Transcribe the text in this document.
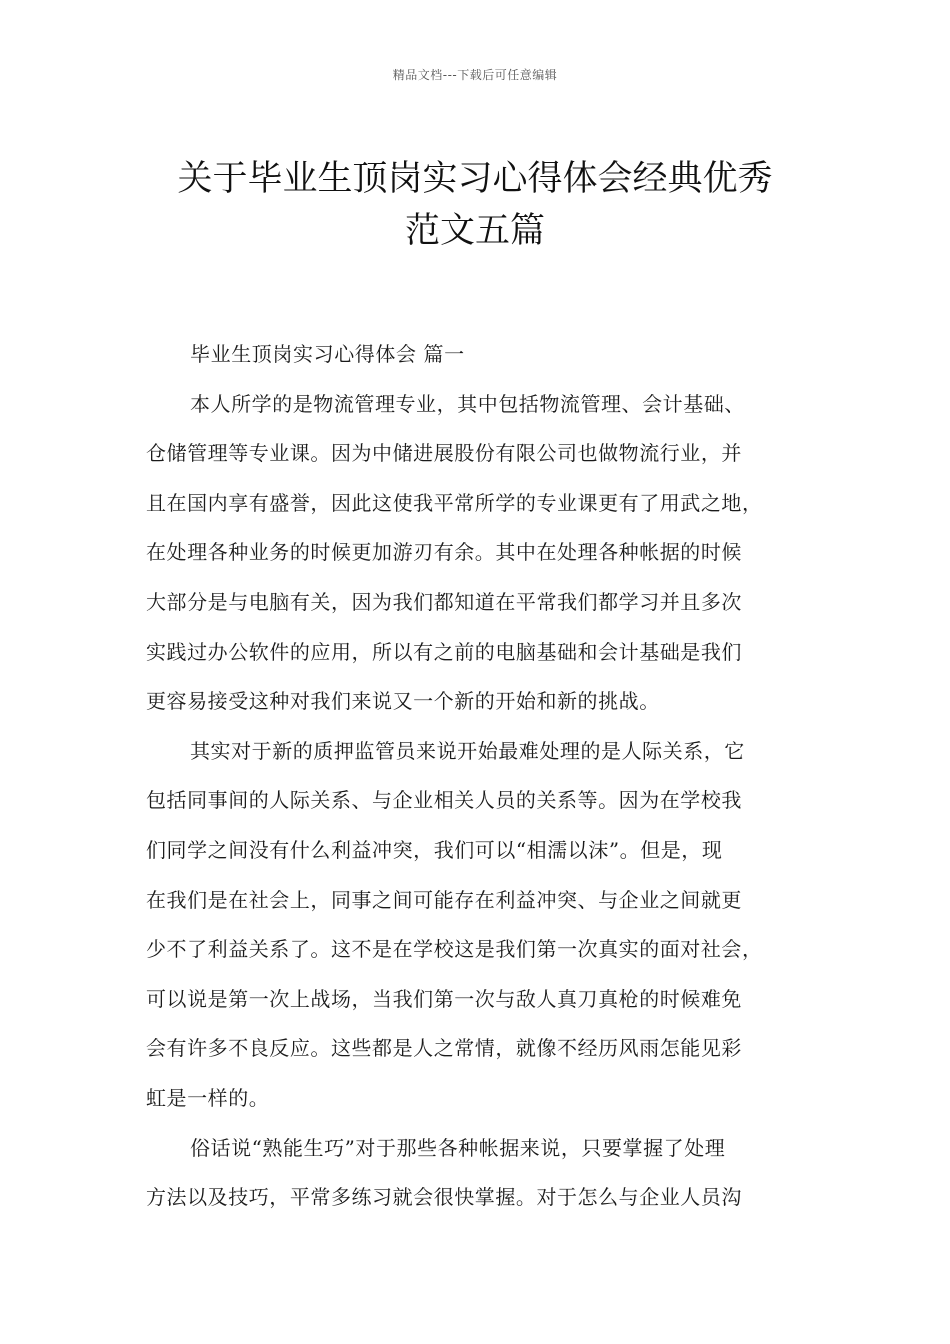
精品文档---下载后可任意编辑
关于毕业生顶岗实习心得体会经典优秀
范文五篇

毕业生顶岗实习心得体会 篇一

本人所学的是物流管理专业，其中包括物流管理、会计基础、
仓储管理等专业课。因为中储进展股份有限公司也做物流行业，并
且在国内享有盛誉，因此这使我平常所学的专业课更有了用武之地，
在处理各种业务的时候更加游刃有余。其中在处理各种帐据的时候
大部分是与电脑有关，因为我们都知道在平常我们都学习并且多次
实践过办公软件的应用，所以有之前的电脑基础和会计基础是我们
更容易接受这种对我们来说又一个新的开始和新的挑战。

其实对于新的质押监管员来说开始最难处理的是人际关系，它
包括同事间的人际关系、与企业相关人员的关系等。因为在学校我
们同学之间没有什么利益冲突，我们可以“相濡以沫”。但是，现
在我们是在社会上，同事之间可能存在利益冲突、与企业之间就更
少不了利益关系了。这不是在学校这是我们第一次真实的面对社会，
可以说是第一次上战场，当我们第一次与敌人真刀真枪的时候难免
会有许多不良反应。这些都是人之常情，就像不经历风雨怎能见彩
虹是一样的。

俗话说“熟能生巧”对于那些各种帐据来说，只要掌握了处理
方法以及技巧，平常多练习就会很快掌握。对于怎么与企业人员沟
